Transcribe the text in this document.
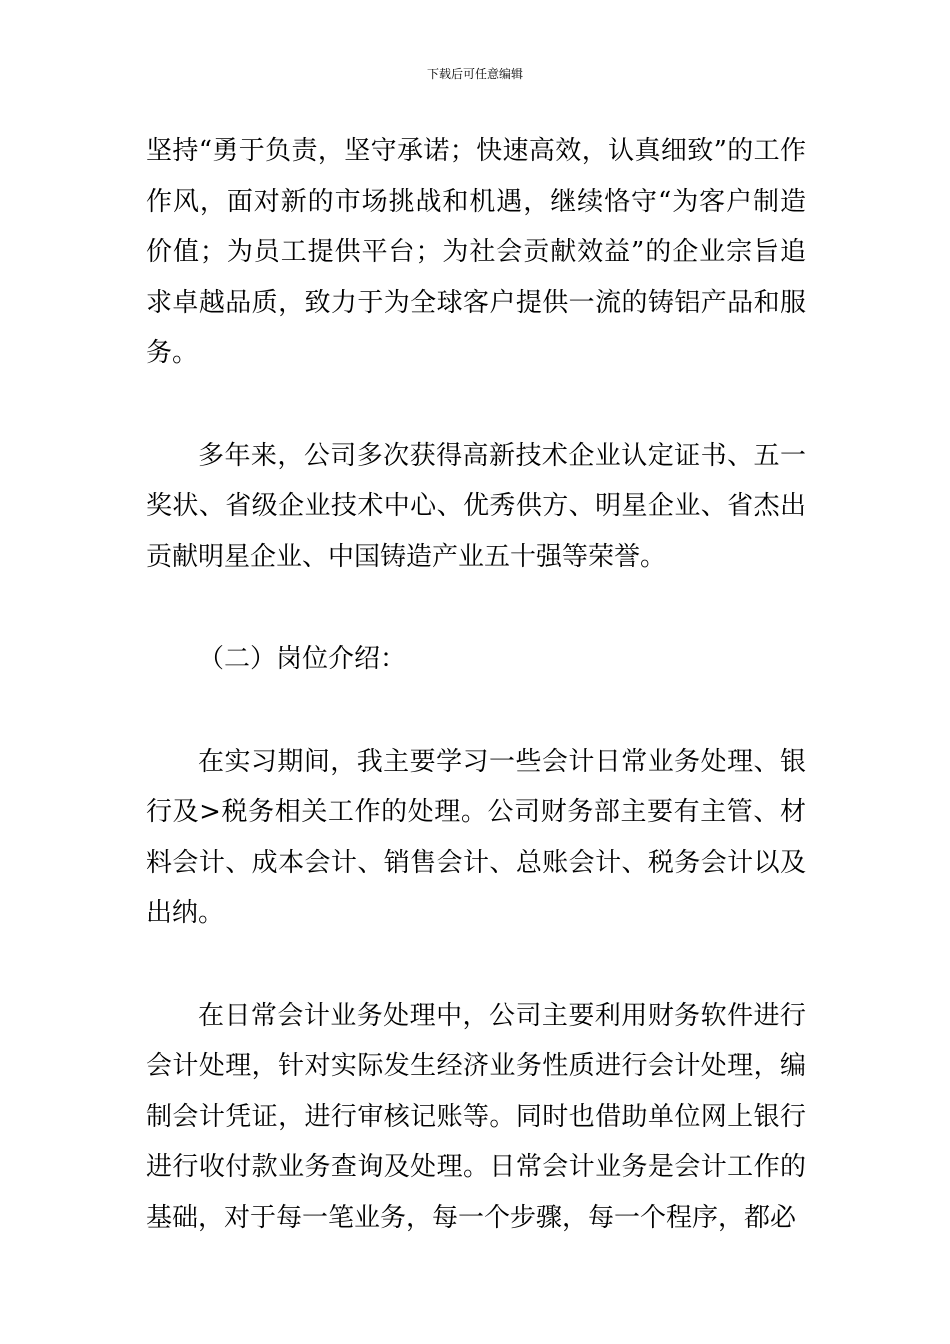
下载后可任意编辑

坚持“勇于负责，坚守承诺；快速高效，认真细致”的工作作风，面对新的市场挑战和机遇，继续恪守“为客户制造价值；为员工提供平台；为社会贡献效益”的企业宗旨追求卓越品质，致力于为全球客户提供一流的铸铝产品和服务。

多年来，公司多次获得高新技术企业认定证书、五一奖状、省级企业技术中心、优秀供方、明星企业、省杰出贡献明星企业、中国铸造产业五十强等荣誉。

（二）岗位介绍：

在实习期间，我主要学习一些会计日常业务处理、银行及>税务相关工作的处理。公司财务部主要有主管、材料会计、成本会计、销售会计、总账会计、税务会计以及出纳。

在日常会计业务处理中，公司主要利用财务软件进行会计处理，针对实际发生经济业务性质进行会计处理，编制会计凭证，进行审核记账等。同时也借助单位网上银行进行收付款业务查询及处理。日常会计业务是会计工作的基础，对于每一笔业务，每一个步骤，每一个程序，都必
